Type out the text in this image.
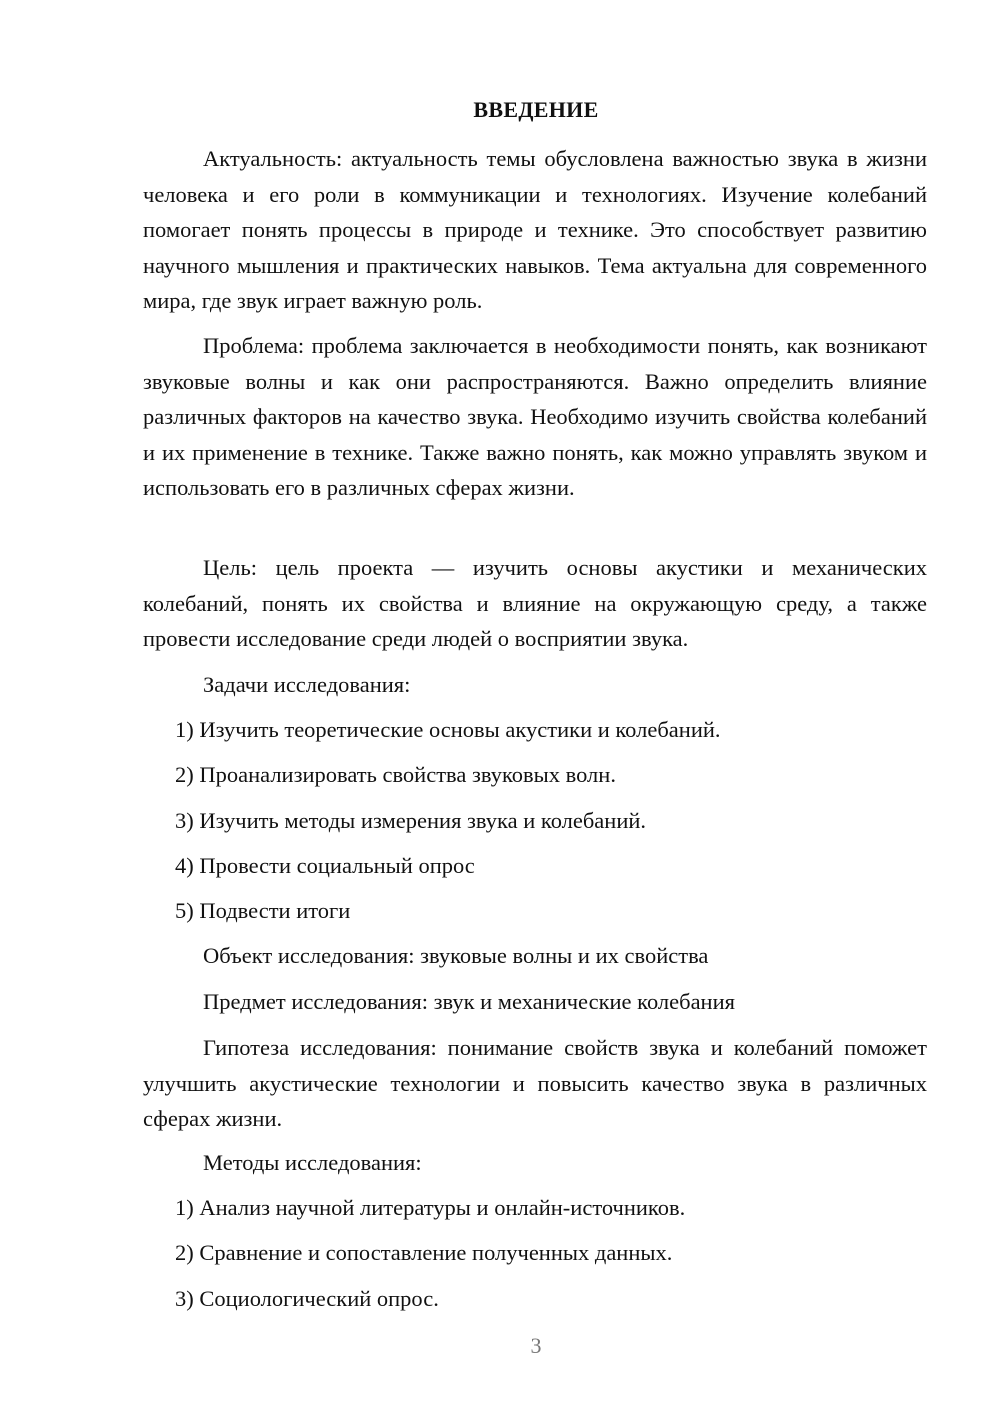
ВВЕДЕНИЕ

Актуальность: актуальность темы обусловлена важностью звука в жизни человека и его роли в коммуникации и технологиях. Изучение колебаний помогает понять процессы в природе и технике. Это способствует развитию научного мышления и практических навыков. Тема актуальна для современного мира, где звук играет важную роль.

Проблема: проблема заключается в необходимости понять, как возникают звуковые волны и как они распространяются. Важно определить влияние различных факторов на качество звука. Необходимо изучить свойства колебаний и их применение в технике. Также важно понять, как можно управлять звуком и использовать его в различных сферах жизни.

Цель: цель проекта — изучить основы акустики и механических колебаний, понять их свойства и влияние на окружающую среду, а также провести исследование среди людей о восприятии звука.

Задачи исследования:

1) Изучить теоретические основы акустики и колебаний.

2) Проанализировать свойства звуковых волн.

3) Изучить методы измерения звука и колебаний.

4) Провести социальный опрос

5) Подвести итоги

Объект исследования: звуковые волны и их свойства

Предмет исследования: звук и механические колебания

Гипотеза исследования: понимание свойств звука и колебаний поможет улучшить акустические технологии и повысить качество звука в различных сферах жизни.

Методы исследования:

1) Анализ научной литературы и онлайн-источников.

2) Сравнение и сопоставление полученных данных.

3) Социологический опрос.

3
